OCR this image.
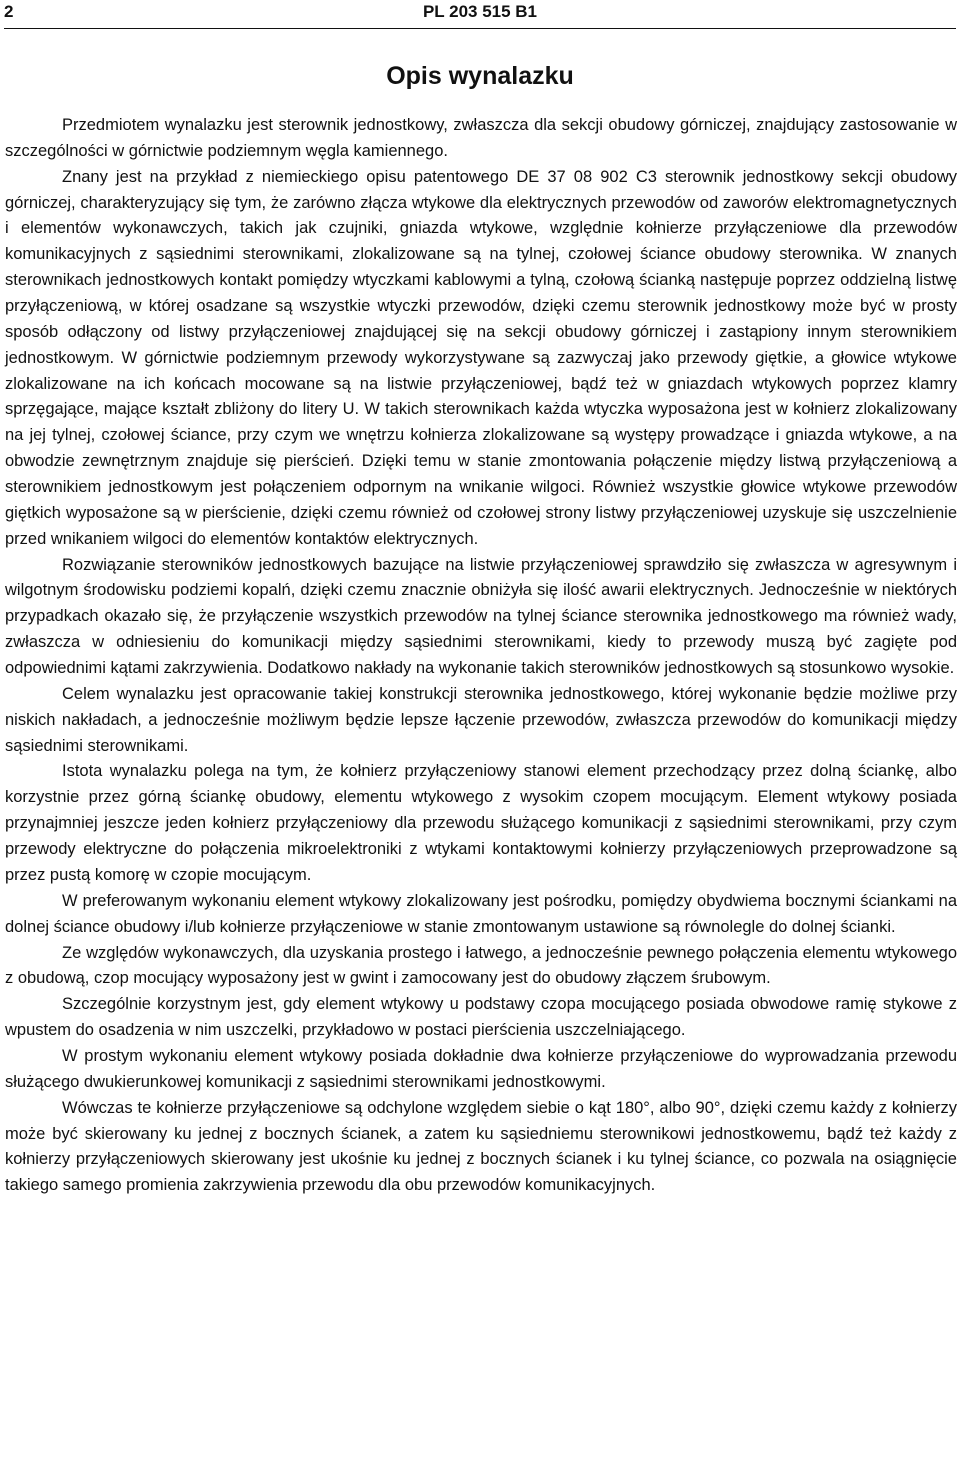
2	PL 203 515 B1
Opis wynalazku

Przedmiotem wynalazku jest sterownik jednostkowy, zwłaszcza dla sekcji obudowy górniczej, znajdujący zastosowanie w szczególności w górnictwie podziemnym węgla kamiennego.

Znany jest na przykład z niemieckiego opisu patentowego DE 37 08 902 C3 sterownik jednostkowy sekcji obudowy górniczej, charakteryzujący się tym, że zarówno złącza wtykowe dla elektrycznych przewodów od zaworów elektromagnetycznych i elementów wykonawczych, takich jak czujniki, gniazda wtykowe, względnie kołnierze przyłączeniowe dla przewodów komunikacyjnych z sąsiednimi sterownikami, zlokalizowane są na tylnej, czołowej ściance obudowy sterownika. W znanych sterownikach jednostkowych kontakt pomiędzy wtyczkami kablowymi a tylną, czołową ścianką następuje poprzez oddzielną listwę przyłączeniową, w której osadzane są wszystkie wtyczki przewodów, dzięki czemu sterownik jednostkowy może być w prosty sposób odłączony od listwy przyłączeniowej znajdującej się na sekcji obudowy górniczej i zastąpiony innym sterownikiem jednostkowym. W górnictwie podziemnym przewody wykorzystywane są zazwyczaj jako przewody giętkie, a głowice wtykowe zlokalizowane na ich końcach mocowane są na listwie przyłączeniowej, bądź też w gniazdach wtykowych poprzez klamry sprzęgające, mające kształt zbliżony do litery U. W takich sterownikach każda wtyczka wyposażona jest w kołnierz zlokalizowany na jej tylnej, czołowej ściance, przy czym we wnętrzu kołnierza zlokalizowane są występy prowadzące i gniazda wtykowe, a na obwodzie zewnętrznym znajduje się pierścień. Dzięki temu w stanie zmontowania połączenie między listwą przyłączeniową a sterownikiem jednostkowym jest połączeniem odpornym na wnikanie wilgoci. Również wszystkie głowice wtykowe przewodów giętkich wyposażone są w pierścienie, dzięki czemu również od czołowej strony listwy przyłączeniowej uzyskuje się uszczelnienie przed wnikaniem wilgoci do elementów kontaktów elektrycznych.

Rozwiązanie sterowników jednostkowych bazujące na listwie przyłączeniowej sprawdziło się zwłaszcza w agresywnym i wilgotnym środowisku podziemi kopalń, dzięki czemu znacznie obniżyła się ilość awarii elektrycznych. Jednocześnie w niektórych przypadkach okazało się, że przyłączenie wszystkich przewodów na tylnej ściance sterownika jednostkowego ma również wady, zwłaszcza w odniesieniu do komunikacji między sąsiednimi sterownikami, kiedy to przewody muszą być zagięte pod odpowiednimi kątami zakrzywienia. Dodatkowo nakłady na wykonanie takich sterowników jednostkowych są stosunkowo wysokie.

Celem wynalazku jest opracowanie takiej konstrukcji sterownika jednostkowego, której wykonanie będzie możliwe przy niskich nakładach, a jednocześnie możliwym będzie lepsze łączenie przewodów, zwłaszcza przewodów do komunikacji między sąsiednimi sterownikami.

Istota wynalazku polega na tym, że kołnierz przyłączeniowy stanowi element przechodzący przez dolną ściankę, albo korzystnie przez górną ściankę obudowy, elementu wtykowego z wysokim czopem mocującym. Element wtykowy posiada przynajmniej jeszcze jeden kołnierz przyłączeniowy dla przewodu służącego komunikacji z sąsiednimi sterownikami, przy czym przewody elektryczne do połączenia mikroelektroniki z wtykami kontaktowymi kołnierzy przyłączeniowych przeprowadzone są przez pustą komorę w czopie mocującym.

W preferowanym wykonaniu element wtykowy zlokalizowany jest pośrodku, pomiędzy obydwiema bocznymi ściankami na dolnej ściance obudowy i/lub kołnierze przyłączeniowe w stanie zmontowanym ustawione są równolegle do dolnej ścianki.

Ze względów wykonawczych, dla uzyskania prostego i łatwego, a jednocześnie pewnego połączenia elementu wtykowego z obudową, czop mocujący wyposażony jest w gwint i zamocowany jest do obudowy złączem śrubowym.

Szczególnie korzystnym jest, gdy element wtykowy u podstawy czopa mocującego posiada obwodowe ramię stykowe z wpustem do osadzenia w nim uszczelki, przykładowo w postaci pierścienia uszczelniającego.

W prostym wykonaniu element wtykowy posiada dokładnie dwa kołnierze przyłączeniowe do wyprowadzania przewodu służącego dwukierunkowej komunikacji z sąsiednimi sterownikami jednostkowymi.

Wówczas te kołnierze przyłączeniowe są odchylone względem siebie o kąt 180°, albo 90°, dzięki czemu każdy z kołnierzy może być skierowany ku jednej z bocznych ścianek, a zatem ku sąsiedniemu sterownikowi jednostkowemu, bądź też każdy z kołnierzy przyłączeniowych skierowany jest ukośnie ku jednej z bocznych ścianek i ku tylnej ściance, co pozwala na osiągnięcie takiego samego promienia zakrzywienia przewodu dla obu przewodów komunikacyjnych.
